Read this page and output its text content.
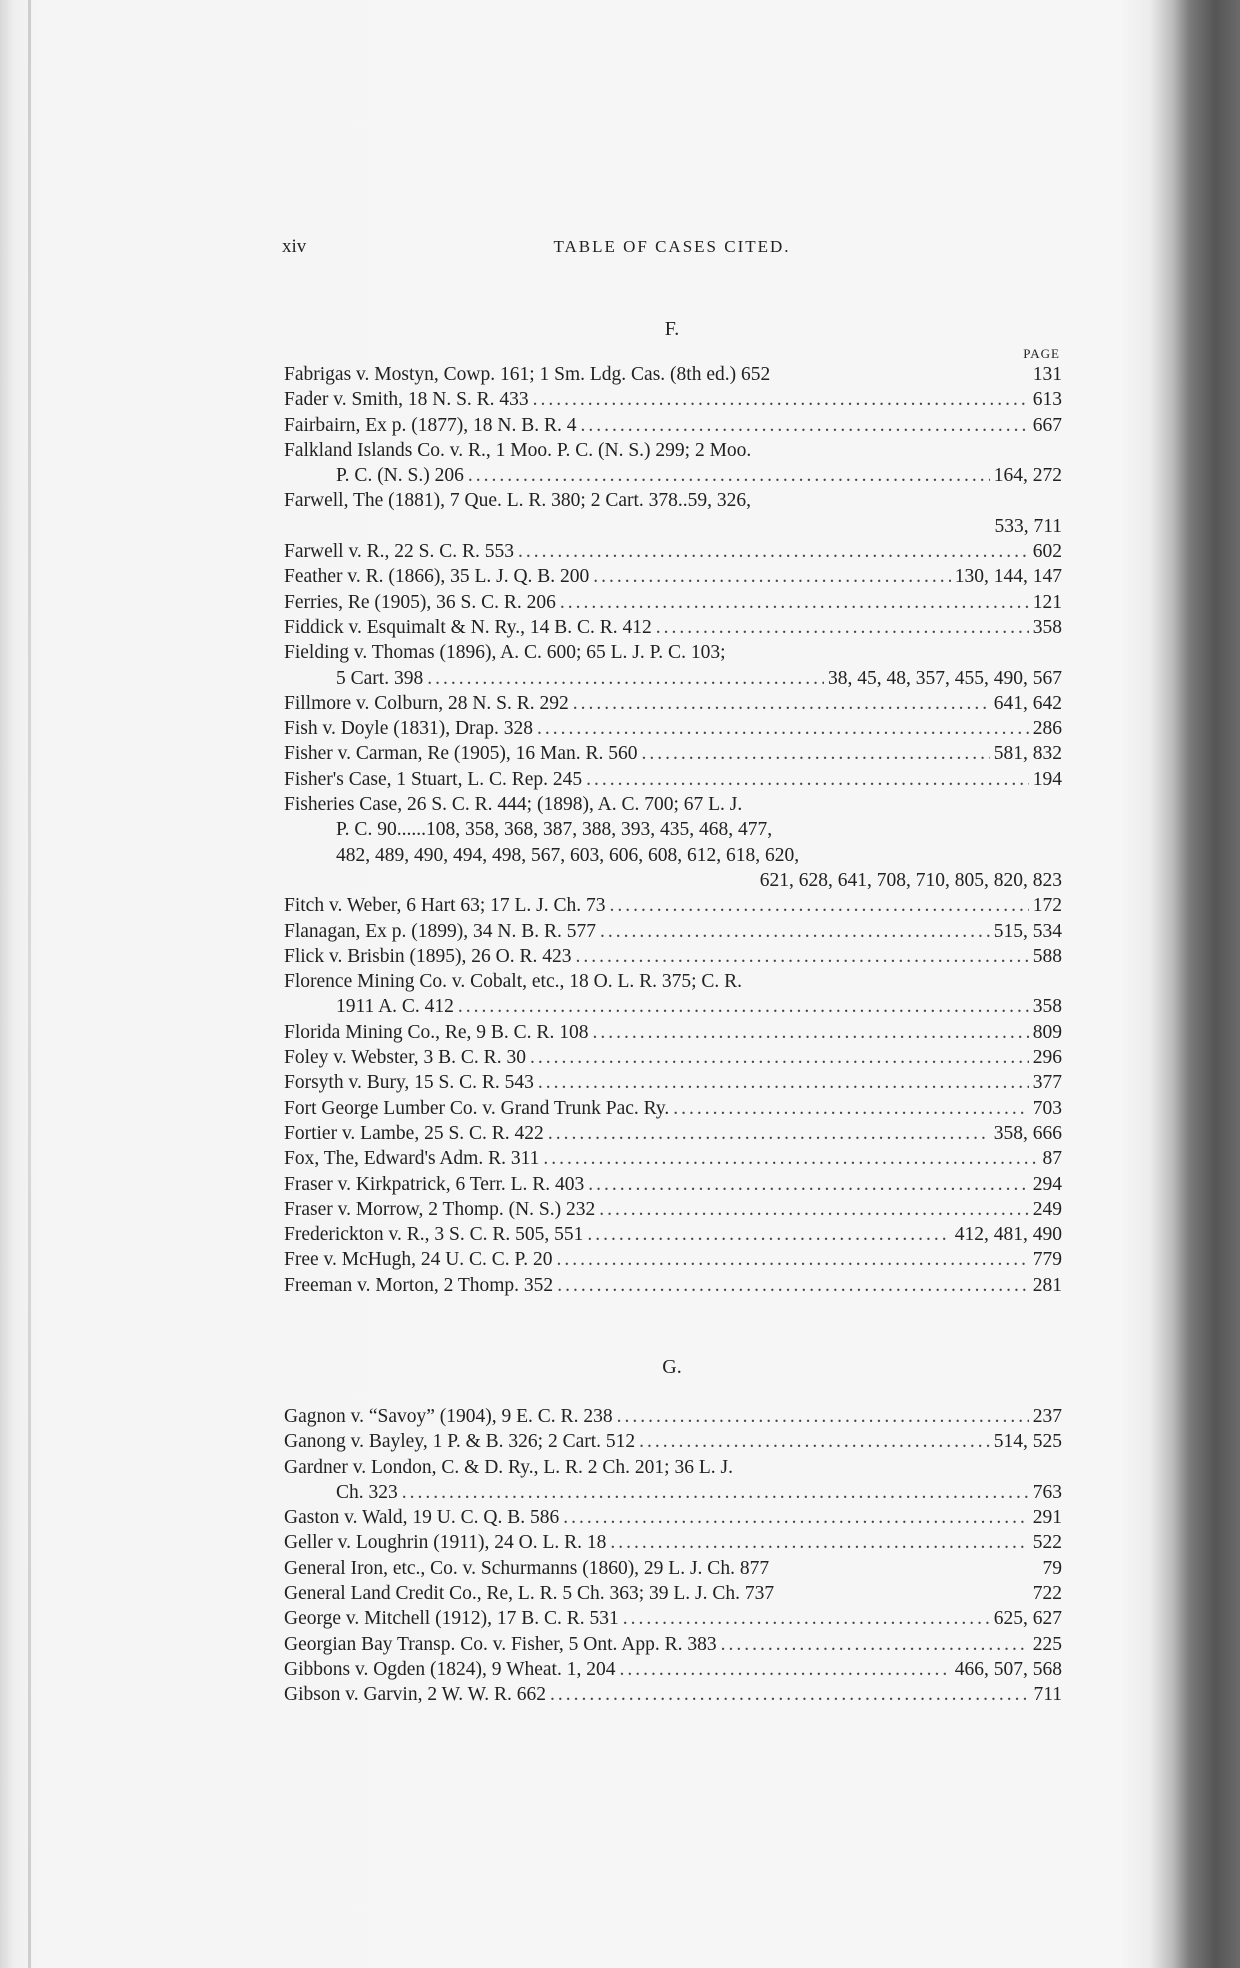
xiv	TABLE OF CASES CITED.
F.
PAGE
Fabrigas v. Mostyn, Cowp. 161; 1 Sm. Ldg. Cas. (8th ed.) 652	131
Fader v. Smith, 18 N. S. R. 433 .....	613
Fairbairn, Ex p. (1877), 18 N. B. R. 4 .....	667
Falkland Islands Co. v. R., 1 Moo. P. C. (N. S.) 299; 2 Moo.
P. C. (N. S.) 206 .....	164, 272
Farwell, The (1881), 7 Que. L. R. 380; 2 Cart. 378..59, 326,
533, 711
Farwell v. R., 22 S. C. R. 553 .....	602
Feather v. R. (1866), 35 L. J. Q. B. 200 .....	130, 144, 147
Ferries, Re (1905), 36 S. C. R. 206 .....	121
Fiddick v. Esquimalt & N. Ry., 14 B. C. R. 412 .....	358
Fielding v. Thomas (1896), A. C. 600; 65 L. J. P. C. 103;
5 Cart. 398 .....	38, 45, 48, 357, 455, 490, 567
Fillmore v. Colburn, 28 N. S. R. 292 .....	641, 642
Fish v. Doyle (1831), Drap. 328 .....	286
Fisher v. Carman, Re (1905), 16 Man. R. 560 .....	581, 832
Fisher's Case, 1 Stuart, L. C. Rep. 245 .....	194
Fisheries Case, 26 S. C. R. 444; (1898), A. C. 700; 67 L. J.
P. C. 90......108, 358, 368, 387, 388, 393, 435, 468, 477,
482, 489, 490, 494, 498, 567, 603, 606, 608, 612, 618, 620,
621, 628, 641, 708, 710, 805, 820, 823
Fitch v. Weber, 6 Hart 63; 17 L. J. Ch. 73 .....	172
Flanagan, Ex p. (1899), 34 N. B. R. 577 .....	515, 534
Flick v. Brisbin (1895), 26 O. R. 423 .....	588
Florence Mining Co. v. Cobalt, etc., 18 O. L. R. 375; C. R.
1911 A. C. 412 .....	358
Florida Mining Co., Re, 9 B. C. R. 108 .....	809
Foley v. Webster, 3 B. C. R. 30 .....	296
Forsyth v. Bury, 15 S. C. R. 543 .....	377
Fort George Lumber Co. v. Grand Trunk Pac. Ry. .....	703
Fortier v. Lambe, 25 S. C. R. 422 .....	358, 666
Fox, The, Edward's Adm. R. 311 .....	87
Fraser v. Kirkpatrick, 6 Terr. L. R. 403 .....	294
Fraser v. Morrow, 2 Thomp. (N. S.) 232 .....	249
Frederickton v. R., 3 S. C. R. 505, 551 .....	412, 481, 490
Free v. McHugh, 24 U. C. C. P. 20 .....	779
Freeman v. Morton, 2 Thomp. 352 .....	281
G.
Gagnon v. “Savoy” (1904), 9 E. C. R. 238 .....	237
Ganong v. Bayley, 1 P. & B. 326; 2 Cart. 512 .....	514, 525
Gardner v. London, C. & D. Ry., L. R. 2 Ch. 201; 36 L. J.
Ch. 323 .....	763
Gaston v. Wald, 19 U. C. Q. B. 586 .....	291
Geller v. Loughrin (1911), 24 O. L. R. 18 .....	522
General Iron, etc., Co. v. Schurmanns (1860), 29 L. J. Ch. 877	79
General Land Credit Co., Re, L. R. 5 Ch. 363; 39 L. J. Ch. 737	722
George v. Mitchell (1912), 17 B. C. R. 531 .....	625, 627
Georgian Bay Transp. Co. v. Fisher, 5 Ont. App. R. 383 .....	225
Gibbons v. Ogden (1824), 9 Wheat. 1, 204 .....	466, 507, 568
Gibson v. Garvin, 2 W. W. R. 662 .....	711
